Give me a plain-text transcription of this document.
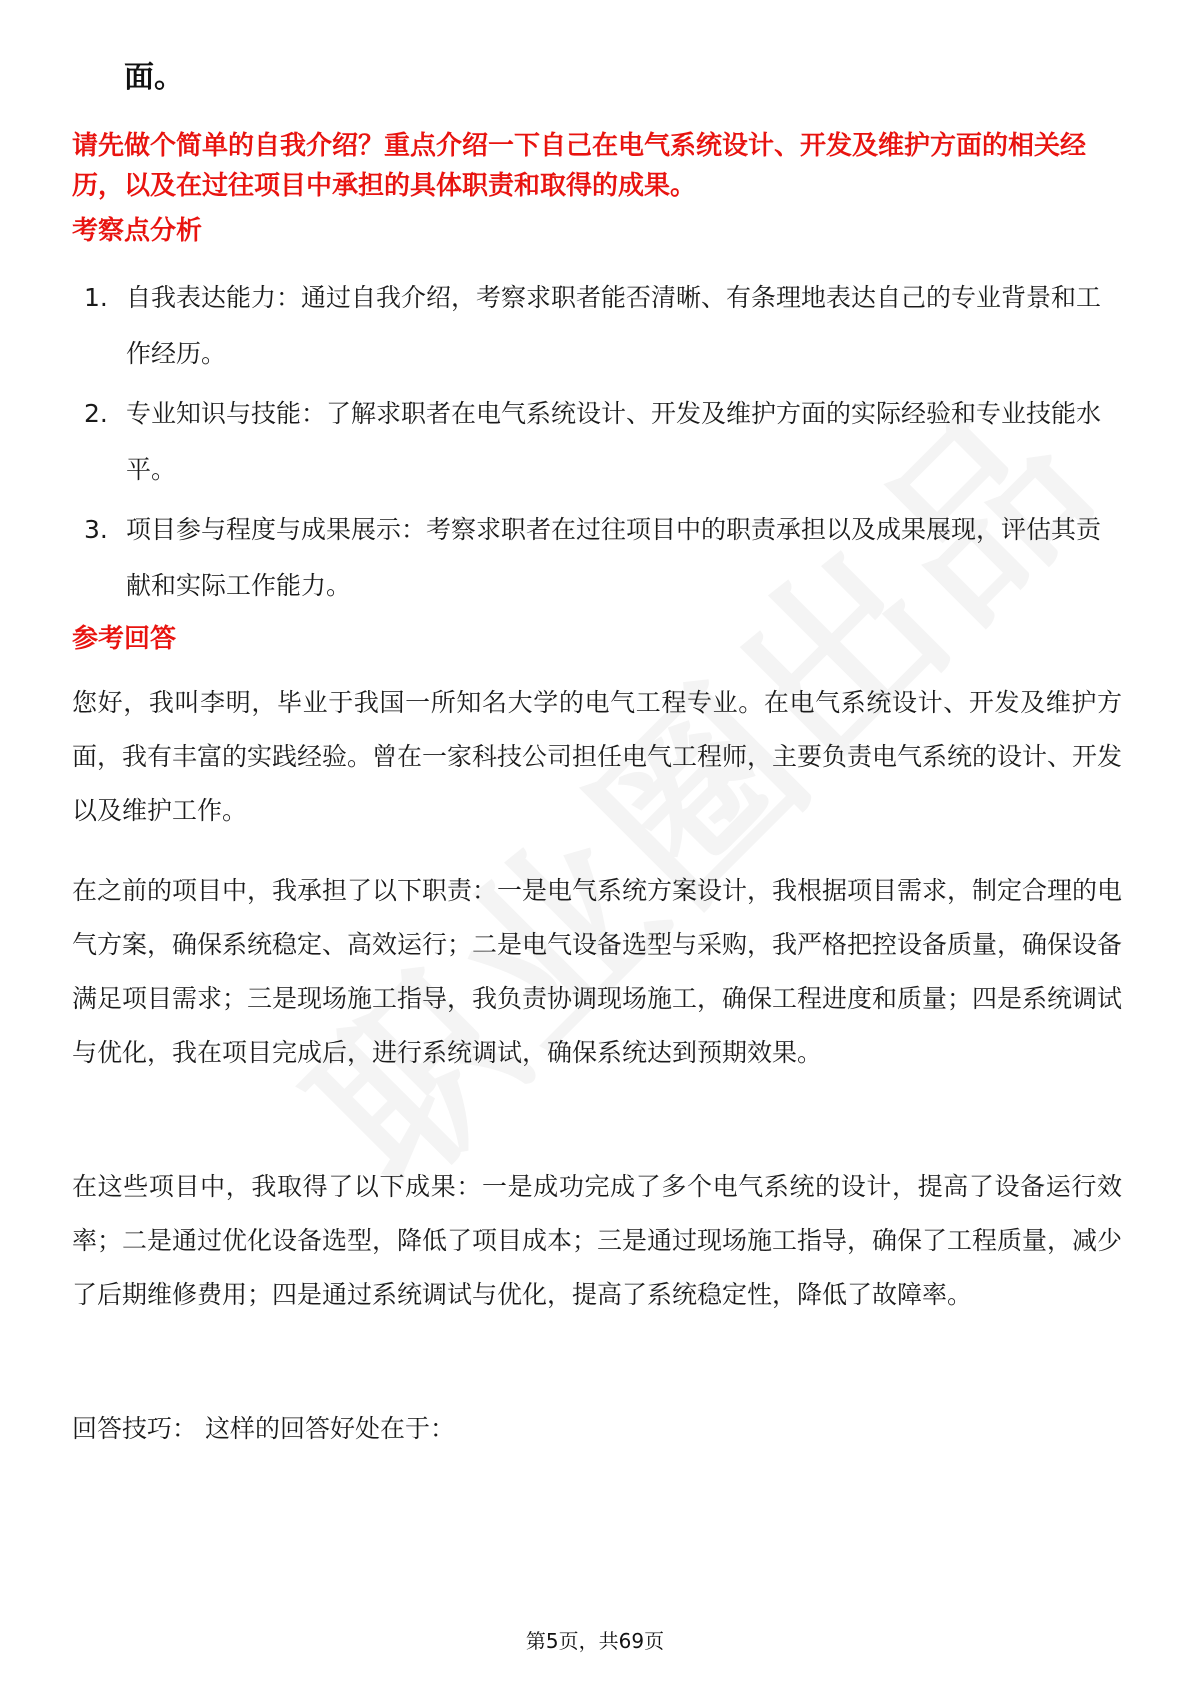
面。
请先做个简单的自我介绍？重点介绍一下自己在电气系统设计、开发及维护方面的相关经历，以及在过往项目中承担的具体职责和取得的成果。
考察点分析
1. 自我表达能力：通过自我介绍，考察求职者能否清晰、有条理地表达自己的专业背景和工作经历。
2. 专业知识与技能：了解求职者在电气系统设计、开发及维护方面的实际经验和专业技能水平。
3. 项目参与程度与成果展示：考察求职者在过往项目中的职责承担以及成果展现，评估其贡献和实际工作能力。
参考回答

您好，我叫李明，毕业于我国一所知名大学的电气工程专业。在电气系统设计、开发及维护方面，我有丰富的实践经验。曾在一家科技公司担任电气工程师，主要负责电气系统的设计、开发以及维护工作。

在之前的项目中，我承担了以下职责：一是电气系统方案设计，我根据项目需求，制定合理的电气方案，确保系统稳定、高效运行；二是电气设备选型与采购，我严格把控设备质量，确保设备满足项目需求；三是现场施工指导，我负责协调现场施工，确保工程进度和质量；四是系统调试与优化，我在项目完成后，进行系统调试，确保系统达到预期效果。

在这些项目中，我取得了以下成果：一是成功完成了多个电气系统的设计，提高了设备运行效率；二是通过优化设备选型，降低了项目成本；三是通过现场施工指导，确保了工程质量，减少了后期维修费用；四是通过系统调试与优化，提高了系统稳定性，降低了故障率。

回答技巧： 这样的回答好处在于：

第5页，共69页
